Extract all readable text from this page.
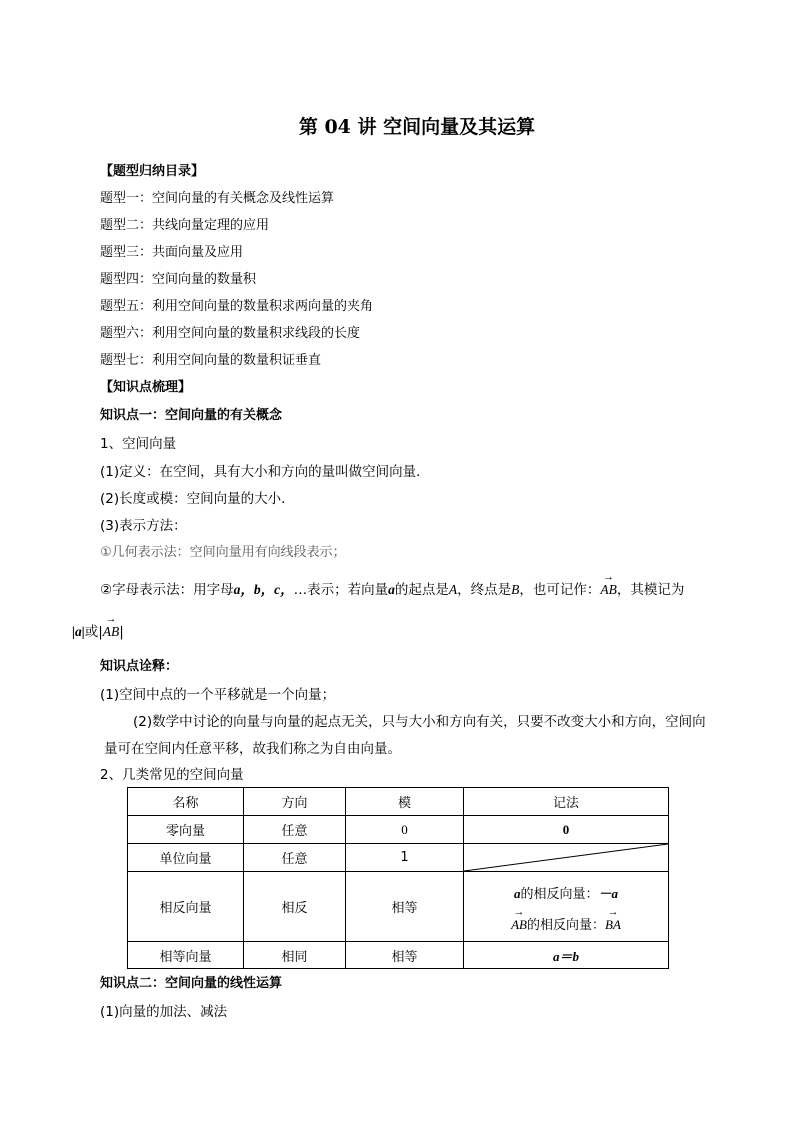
第 04 讲 空间向量及其运算
【题型归纳目录】
题型一：空间向量的有关概念及线性运算
题型二：共线向量定理的应用
题型三：共面向量及应用
题型四：空间向量的数量积
题型五：利用空间向量的数量积求两向量的夹角
题型六：利用空间向量的数量积求线段的长度
题型七：利用空间向量的数量积证垂直
【知识点梳理】
知识点一：空间向量的有关概念
1、空间向量
(1)定义：在空间，具有大小和方向的量叫做空间向量．
(2)长度或模：空间向量的大小．
(3)表示方法：
①几何表示法：空间向量用有向线段表示；
②字母表示法：用字母a，b，c，…表示；若向量a的起点是A，终点是B，也可记作：→ AB，其模记为
|a|或|→ AB|
知识点诠释：
(1)空间中点的一个平移就是一个向量；
(2)数学中讨论的向量与向量的起点无关，只与大小和方向有关，只要不改变大小和方向，空间向
量可在空间内任意平移，故我们称之为自由向量。
2、几类常见的空间向量
名称	方向	模	记法
零向量	任意	0	0
单位向量	任意	1	

相反向量	相反	相等	a的相反向量：－a
→ AB的相反向量：→ BA

相等向量	相同	相等	a＝b
知识点二：空间向量的线性运算
(1)向量的加法、减法
